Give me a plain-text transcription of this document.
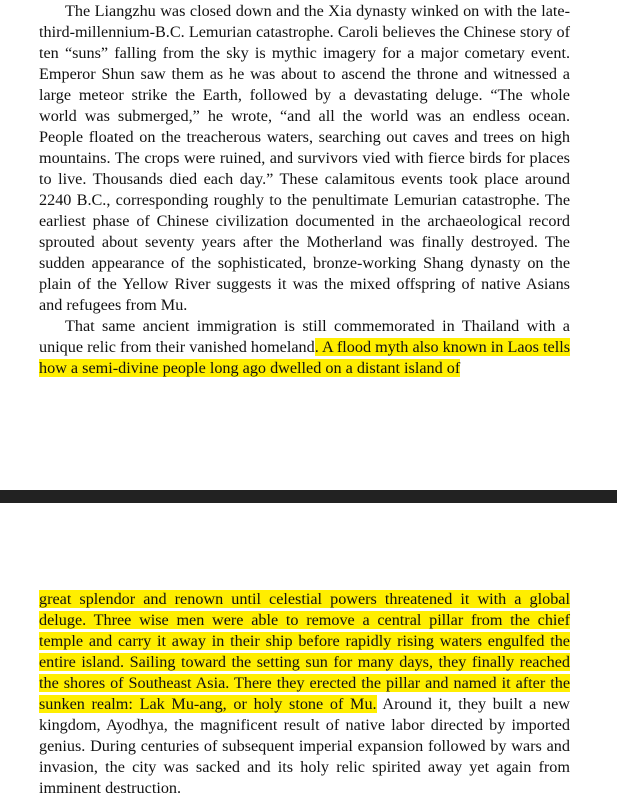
The Liangzhu was closed down and the Xia dynasty winked on with the late-third-millennium-B.C. Lemurian catastrophe. Caroli believes the Chinese story of ten “suns” falling from the sky is mythic imagery for a major cometary event. Emperor Shun saw them as he was about to ascend the throne and witnessed a large meteor strike the Earth, followed by a devastating deluge. “The whole world was submerged,” he wrote, “and all the world was an endless ocean. People floated on the treacherous waters, searching out caves and trees on high mountains. The crops were ruined, and survivors vied with fierce birds for places to live. Thousands died each day.” These calamitous events took place around 2240 B.C., corresponding roughly to the penultimate Lemurian catastrophe. The earliest phase of Chinese civilization documented in the archaeological record sprouted about seventy years after the Motherland was finally destroyed. The sudden appearance of the sophisticated, bronze-working Shang dynasty on the plain of the Yellow River suggests it was the mixed offspring of native Asians and refugees from Mu.

That same ancient immigration is still commemorated in Thailand with a unique relic from their vanished homeland. A flood myth also known in Laos tells how a semi-divine people long ago dwelled on a distant island of

great splendor and renown until celestial powers threatened it with a global deluge. Three wise men were able to remove a central pillar from the chief temple and carry it away in their ship before rapidly rising waters engulfed the entire island. Sailing toward the setting sun for many days, they finally reached the shores of Southeast Asia. There they erected the pillar and named it after the sunken realm: Lak Mu-ang, or holy stone of Mu. Around it, they built a new kingdom, Ayodhya, the magnificent result of native labor directed by imported genius. During centuries of subsequent imperial expansion followed by wars and invasion, the city was sacked and its holy relic spirited away yet again from imminent destruction.
